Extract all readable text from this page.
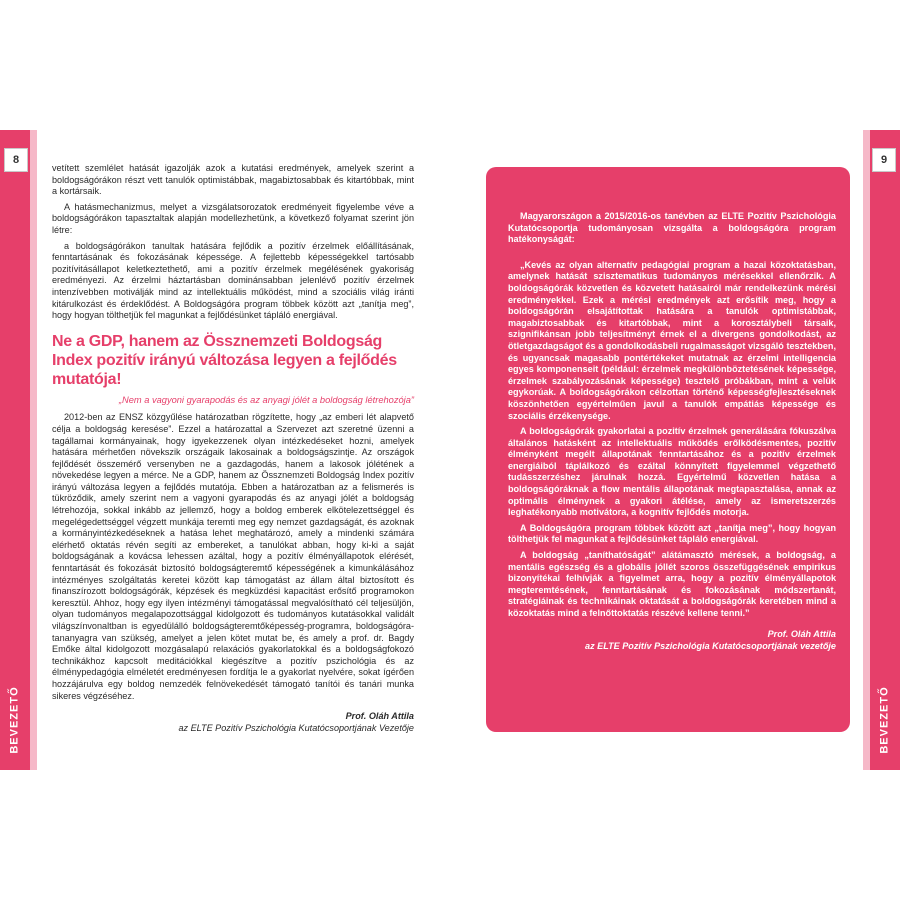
8
BEVEZETŐ
9
BEVEZETŐ

vetített szemlélet hatását igazolják azok a kutatási eredmények, amelyek szerint a boldogságórákon részt vett tanulók optimistábbak, magabiztosabbak és kitartóbbak, mint a kortársaik.

A hatásmechanizmus, melyet a vizsgálatsorozatok eredményeit figyelembe véve a boldogságórákon tapasztaltak alapján modellezhetünk, a következő folyamat szerint jön létre:

a boldogságórákon tanultak hatására fejlődik a pozitív érzelmek előállításának, fenntartásának és fokozásának képessége. A fejlettebb képességekkel tartósabb pozitívitásállapot keletkeztethető, ami a pozitív érzelmek megélésének gyakoriság eredményezi. Az érzelmi háztartásban dominánsabban jelenlévő pozitív érzelmek intenzívebben motiválják mind az intellektuális működést, mind a szociális világ iránti kitárulkozást és érdeklődést. A Boldogságóra program többek között azt „tanítja meg”, hogy hogyan tölthetjük fel magunkat a fejlődésünket tápláló energiával.

Ne a GDP, hanem az Össznemzeti Boldogság Index pozitív irányú változása legyen a fejlődés mutatója!
„Nem a vagyoni gyarapodás és az anyagi jólét a boldogság létrehozója”

2012-ben az ENSZ közgyűlése határozatban rögzítette, hogy „az emberi lét alapvető célja a boldogság keresése”. Ezzel a határozattal a Szervezet azt szeretné üzenni a tagállamai kormányainak, hogy igyekezzenek olyan intézkedéseket hozni, amelyek hatására mérhetően növekszik országaik lakosainak a boldogságszintje. Az országok fejlődését összemérő versenyben ne a gazdagodás, hanem a lakosok jólétének a növekedése legyen a mérce. Ne a GDP, hanem az Össznemzeti Boldogság Index pozitív irányú változása legyen a fejlődés mutatója. Ebben a határozatban az a felismerés is tükröződik, amely szerint nem a vagyoni gyarapodás és az anyagi jólét a boldogság létrehozója, sokkal inkább az jellemző, hogy a boldog emberek elkötelezettséggel és megelégedettséggel végzett munkája teremti meg egy nemzet gazdagságát, és azoknak a kormányintézkedéseknek a hatása lehet meghatározó, amely a mindenki számára elérhető oktatás révén segíti az embereket, a tanulókat abban, hogy ki-ki a saját boldogságának a kovácsa lehessen azáltal, hogy a pozitív élményállapotok elérését, fenntartását és fokozását biztosító boldogságteremtő képességének a kimunkálásához intézményes szolgáltatás keretei között kap támogatást az állam által biztosított és finanszírozott boldogságórák, képzések és megküzdési kapacitást erősítő programokon keresztül. Ahhoz, hogy egy ilyen intézményi támogatással megvalósítható cél teljesüljön, olyan tudományos megalapozottsággal kidolgozott és tudományos kutatásokkal validált világszínvonaltban is egyedülálló boldogságteremtőképesség-programra, boldogságóra-tananyagra van szükség, amelyet a jelen kötet mutat be, és amely a prof. dr. Bagdy Emőke által kidolgozott mozgásalapú relaxációs gyakorlatokkal és a boldogságfokozó technikákhoz kapcsolt meditációkkal kiegészítve a pozitív pszichológia és az élménypedagógia elméletét eredményesen fordítja le a gyakorlat nyelvére, sokat ígérően hozzájárulva egy boldog nemzedék felnövekedését támogató tanítói és tanári munka sikeres végzéséhez.

Prof. Oláh Attila
az ELTE Pozitív Pszichológia Kutatócsoportjának Vezetője

Magyarországon a 2015/2016-os tanévben az ELTE Pozitív Pszichológia Kutatócsoportja tudományosan vizsgálta a boldogságóra program hatékonyságát:

„Kevés az olyan alternatív pedagógiai program a hazai közoktatásban, amelynek hatását szisztematikus tudományos mérésekkel ellenőrzik. A boldogságórák közvetlen és közvetett hatásairól már rendelkezünk mérési eredményekkel. Ezek a mérési eredmények azt erősítik meg, hogy a boldogságórán elsajátítottak hatására a tanulók optimistábbak, magabiztosabbak és kitartóbbak, mint a korosztálybeli társaik, szignifikánsan jobb teljesítményt érnek el a divergens gondolkodást, az ötletgazdagságot és a gondolkodásbeli rugalmasságot vizsgáló tesztekben, és ugyancsak magasabb pontértékeket mutatnak az érzelmi intelligencia egyes komponenseit (például: érzelmek megkülönböztetésének képessége, érzelmek szabályozásának képessége) tesztelő próbákban, mint a velük egykorúak. A boldogságórákon célzottan történő képességfejlesztéseknek köszönhetően egyértelműen javul a tanulók empátiás képessége és szociális érzékenysége.

A boldogságórák gyakorlatai a pozitív érzelmek generálására fókuszálva általános hatásként az intellektuális működés erőlködésmentes, pozitív élményként megélt állapotának fenntartásához és a pozitív érzelmek energiáiból táplálkozó és ezáltal könnyített figyelemmel végzethető tudásszerzéshez járulnak hozzá. Egyértelmű közvetlen hatása a boldogságóráknak a flow mentális állapotának megtapasztalása, annak az optimális élménynek a gyakori átélése, amely az ismeretszerzés leghatékonyabb motivátora, a kognitív fejlődés motorja.

A Boldogságóra program többek között azt „tanítja meg”, hogy hogyan tölthetjük fel magunkat a fejlődésünket tápláló energiával.

A boldogság „taníthatóságát” alátámasztó mérések, a boldogság, a mentális egészség és a globális jóllét szoros összefüggésének empirikus bizonyítékai felhívják a figyelmet arra, hogy a pozitív élményállapotok megteremtésének, fenntartásának és fokozásának módszertanát, stratégiáinak és technikáinak oktatását a boldogságórák keretében mind a közoktatás mind a felnőttoktatás részévé kellene tenni.”

Prof. Oláh Attila
az ELTE Pozitív Pszichológia Kutatócsoportjának vezetője
